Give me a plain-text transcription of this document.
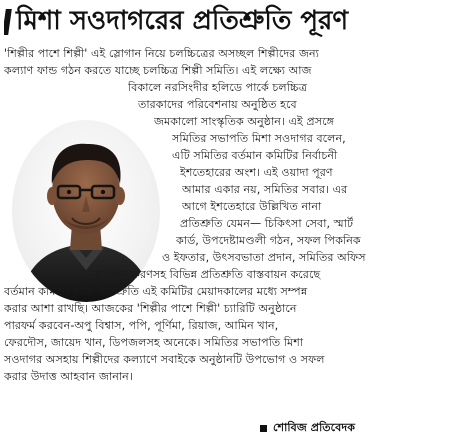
মিশা সওদাগরের প্রতিশ্রুতি পূরণ
'শিল্পীর পাশে শিল্পী' এই স্লোগান নিয়ে চলচ্চিত্রের অসচ্ছল শিল্পীদের জন্য
কল্যাণ ফান্ড গঠন করতে যাচ্ছে চলচ্চিত্র শিল্পী সমিতি। এই লক্ষ্যে আজ
বিকালে নরসিংদীর হলিডে পার্কে চলচ্চিত্র
তারকাদের পরিবেশনায় অনুষ্ঠিত হবে
জমকালো সাংস্কৃতিক অনুষ্ঠান। এই প্রসঙ্গে
সমিতির সভাপতি মিশা সওদাগর বলেন,
এটি সমিতির বর্তমান কমিটির নির্বাচনী
ইশতেহারের অংশ। এই ওয়াদা পূরণ
আমার একার নয়, সমিতির সবার। এর
আগে ইশতেহারে উল্লিখিত নানা
প্রতিশ্রুতি যেমন— চিকিৎসা সেবা, স্মার্ট
কার্ড, উপদেষ্টামণ্ডলী গঠন, সফল পিকনিক
ও ইফতার, উৎসবভাতা প্রদান, সমিতির অফিস
সুসজ্জিতকরণসহ বিভিন্ন প্রতিশ্রুতি বাস্তবায়ন করেছে
বর্তমান কমিটি। বাকি প্রতিশ্রুতি এই কমিটির মেয়াদকালের মধ্যে সম্পন্ন
করার আশা রাখছি। আজকের 'শিল্পীর পাশে শিল্পী' চ্যারিটি অনুষ্ঠানে
পারফর্ম করবেন-অপু বিশ্বাস, পপি, পূর্ণিমা, রিয়াজ, আমিন খান,
ফেরদৌস, জায়েদ খান, ডিপজলসহ অনেকে। সমিতির সভাপতি মিশা
সওদাগর অসহায় শিল্পীদের কল্যাণে সবাইকে অনুষ্ঠানটি উপভোগ ও সফল
করার উদাত্ত আহবান জানান।
শোবিজ প্রতিবেদক
